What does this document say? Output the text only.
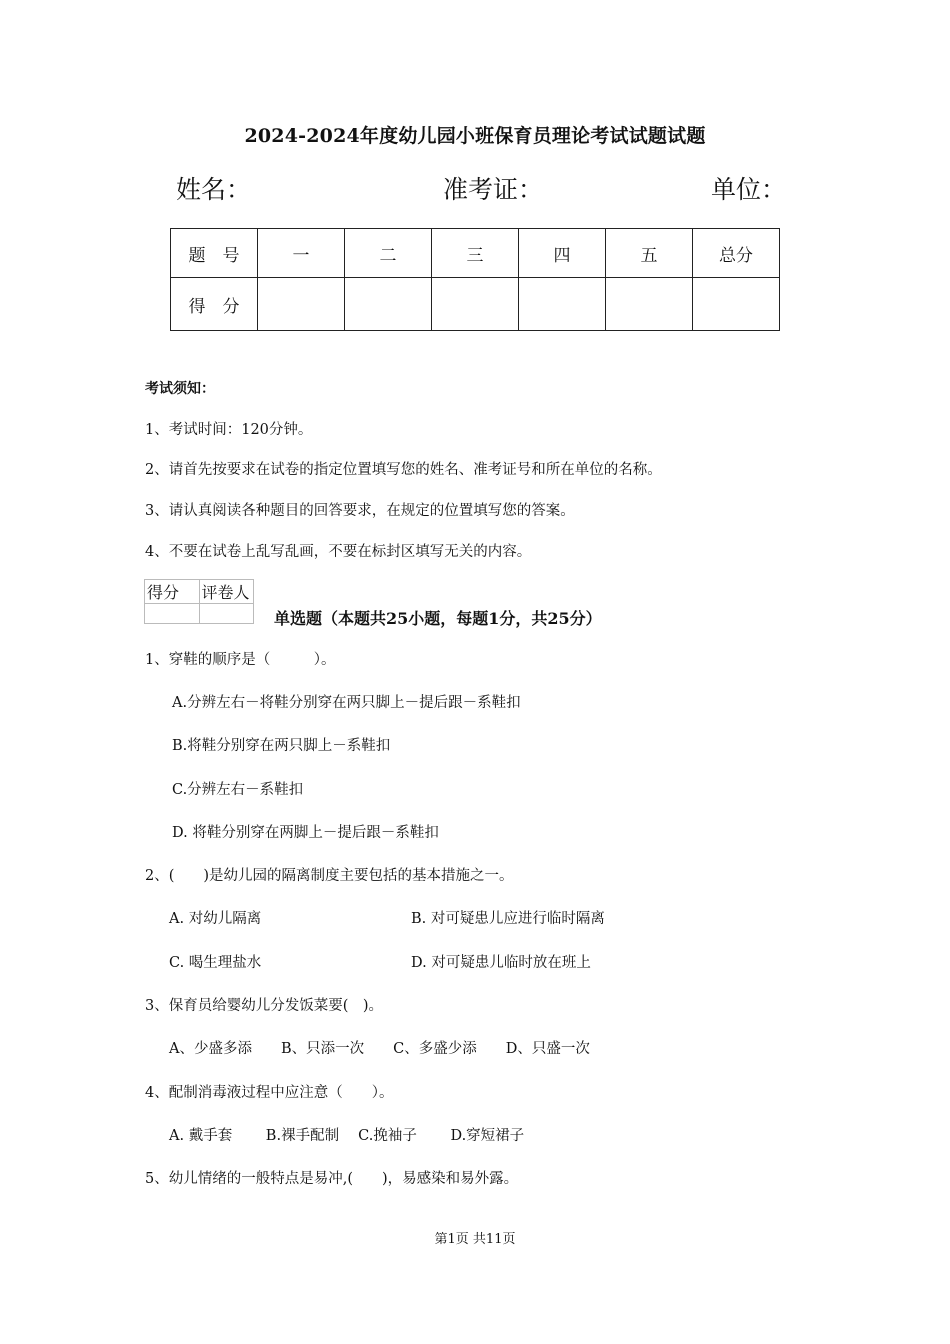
2024-2024年度幼儿园小班保育员理论考试试题试题
姓名：	准考证：	单位：
题　号	一	二	三	四	五	总分
得　分						
考试须知：
1、考试时间：120分钟。
2、请首先按要求在试卷的指定位置填写您的姓名、准考证号和所在单位的名称。
3、请认真阅读各种题目的回答要求，在规定的位置填写您的答案。
4、不要在试卷上乱写乱画，不要在标封区填写无关的内容。
得分	评卷人

单选题（本题共25小题，每题1分，共25分）
1、穿鞋的顺序是（　　　）。
A.分辨左右－将鞋分别穿在两只脚上－提后跟－系鞋扣
B.将鞋分别穿在两只脚上－系鞋扣
C.分辨左右－系鞋扣
D. 将鞋分别穿在两脚上－提后跟－系鞋扣
2、(　　)是幼儿园的隔离制度主要包括的基本措施之一。
A. 对幼儿隔离	B. 对可疑患儿应进行临时隔离
C. 喝生理盐水	D. 对可疑患儿临时放在班上
3、保育员给婴幼儿分发饭菜要(　)。
A、少盛多添　　B、只添一次　　C、多盛少添　　D、只盛一次
4、配制消毒液过程中应注意（　　）。
A. 戴手套　　 B.裸手配制　 C.挽袖子　　 D.穿短裙子
5、幼儿情绪的一般特点是易冲,(　　)，易感染和易外露。
第1页 共11页
